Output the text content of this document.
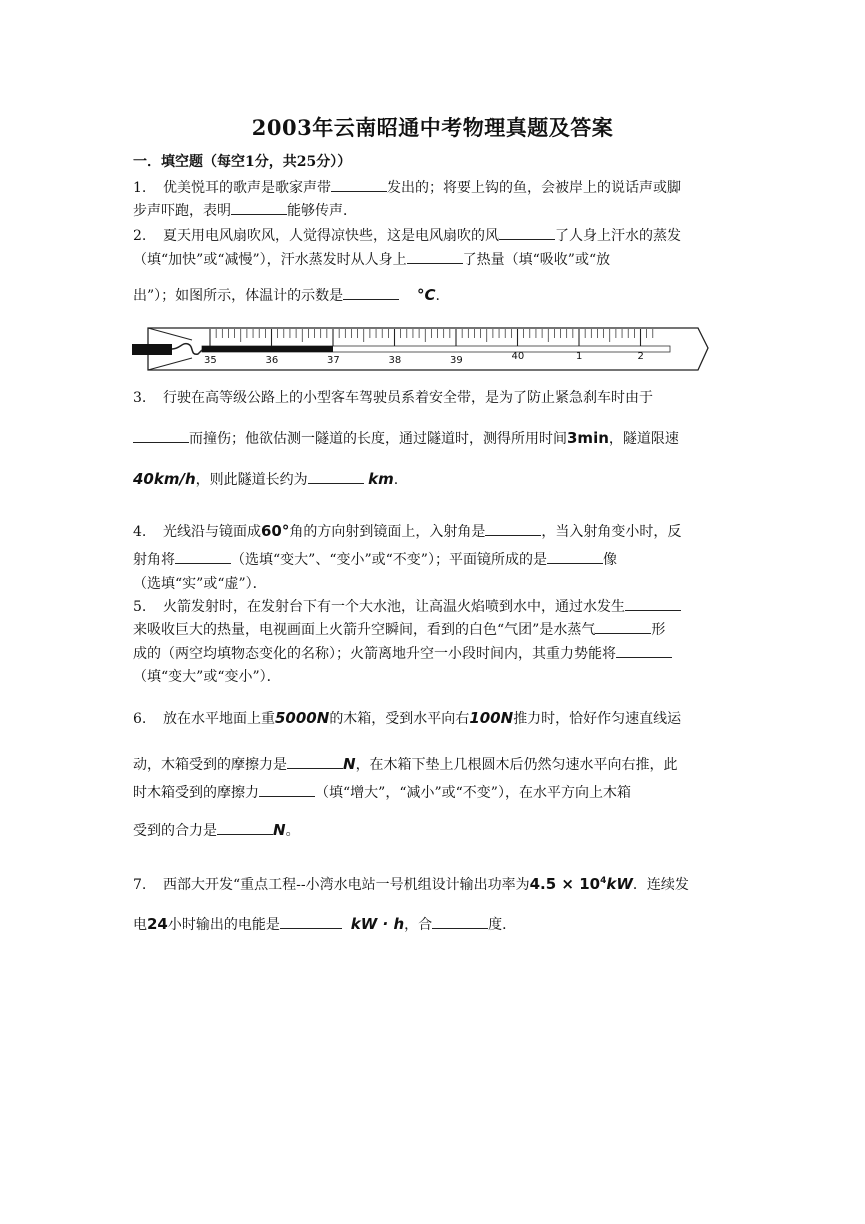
2003年云南昭通中考物理真题及答案
一．填空题（每空1分，共25分））
1. 优美悦耳的歌声是歌家声带	发出的；将要上钩的鱼，会被岸上的说话声或脚
步声吓跑，表明	能够传声．
2. 夏天用电风扇吹风，人觉得凉快些，这是电风扇吹的风	了人身上汗水的蒸发
（填“加快”或“减慢”），汗水蒸发时从人身上	了热量（填“吸收”或“放
出”）；如图所示，体温计的示数是	°C.
35	36	37	38	39	40	1	2
3. 行驶在高等级公路上的小型客车驾驶员系着安全带，是为了防止紧急刹车时由于
而撞伤；他欲估测一隧道的长度，通过隧道时，测得所用时间3min，隧道限速
40km/h，则此隧道长约为	km.
4. 光线沿与镜面成60°角的方向射到镜面上，入射角是	，当入射角变小时，反
射角将	（选填“变大”、“变小”或“不变”）；平面镜所成的是	像
（选填“实”或“虚”）．
5. 火箭发射时，在发射台下有一个大水池，让高温火焰喷到水中，通过水发生
来吸收巨大的热量，电视画面上火箭升空瞬间，看到的白色“气团”是水蒸气	形
成的（两空均填物态变化的名称）；火箭离地升空一小段时间内，其重力势能将
（填“变大”或“变小”）．
6. 放在水平地面上重5000N的木箱，受到水平向右100N推力时，恰好作匀速直线运
动，木箱受到的摩擦力是	N，在木箱下垫上几根圆木后仍然匀速水平向右推，此
时木箱受到的摩擦力	（填“增大”，“减小”或“不变”），在水平方向上木箱
受到的合力是	N。
7. 西部大开发“重点工程--小湾水电站一号机组设计输出功率为$4.5 \times 10^4kW$．连续发
电24小时输出的电能是	kW · h，合	度．
